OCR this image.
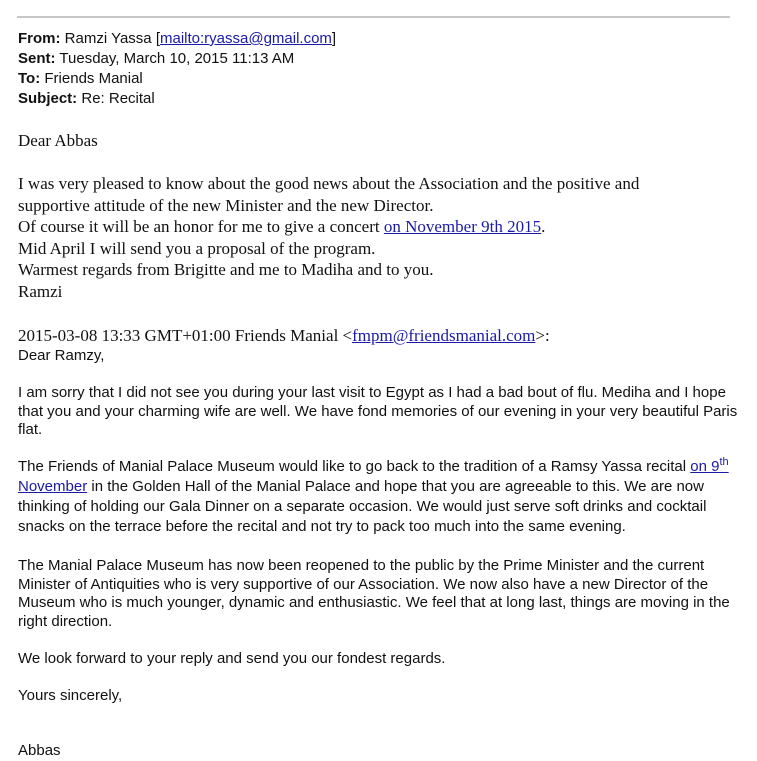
From: Ramzi Yassa [mailto:ryassa@gmail.com]
Sent: Tuesday, March 10, 2015 11:13 AM
To: Friends Manial
Subject: Re: Recital
Dear Abbas
I was very pleased to know about the good news about the Association and the positive and
supportive attitude of the new Minister and the new Director.
Of course it will be an honor for me to give a concert on November 9th 2015.
Mid April I will send you a proposal of the program.
Warmest regards from Brigitte and me to Madiha and to you.
Ramzi
2015-03-08 13:33 GMT+01:00 Friends Manial <fmpm@friendsmanial.com>:
Dear Ramzy,
I am sorry that I did not see you during your last visit to Egypt as I had a bad bout of flu. Mediha and I hope that you and your charming wife are well. We have fond memories of our evening in your very beautiful Paris flat.
The Friends of Manial Palace Museum would like to go back to the tradition of a Ramsy Yassa recital on 9th November in the Golden Hall of the Manial Palace and hope that you are agreeable to this. We are now thinking of holding our Gala Dinner on a separate occasion. We would just serve soft drinks and cocktail snacks on the terrace before the recital and not try to pack too much into the same evening.
The Manial Palace Museum has now been reopened to the public by the Prime Minister and the current Minister of Antiquities who is very supportive of our Association. We now also have a new Director of the Museum who is much younger, dynamic and enthusiastic. We feel that at long last, things are moving in the right direction.
We look forward to your reply and send you our fondest regards.
Yours sincerely,
Abbas
